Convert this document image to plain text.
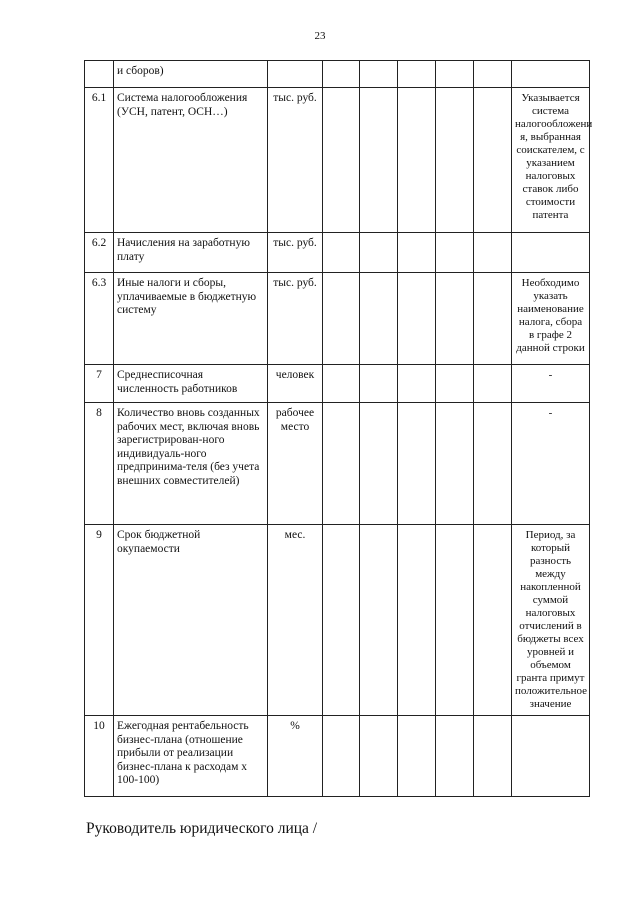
23
	и сборов)							
6.1	Система налогообложения (УСН, патент, ОСН…)	тыс. руб.						Указывается система налогообложени я, выбранная соискателем, с указанием налоговых ставок либо стоимости патента
6.2	Начисления на заработную плату	тыс. руб.						
6.3	Иные налоги и сборы, уплачиваемые в бюджетную систему	тыс. руб.						Необходимо указать наименование налога, сбора в графе 2 данной строки
7	Среднесписочная численность работников	человек						-
8	Количество вновь созданных рабочих мест, включая вновь зарегистрирован-ного индивидуаль-ного предпринима-теля (без учета внешних совместителей)	рабочее место						-
9	Срок бюджетной окупаемости	мес.						Период, за который разность между накопленной суммой налоговых отчислений в бюджеты всех уровней и объемом гранта примут положительное значение
10	Ежегодная рентабельность бизнес-плана (отношение прибыли от реализации бизнес-плана к расходам х 100-100)	%						
Руководитель юридического лица /
